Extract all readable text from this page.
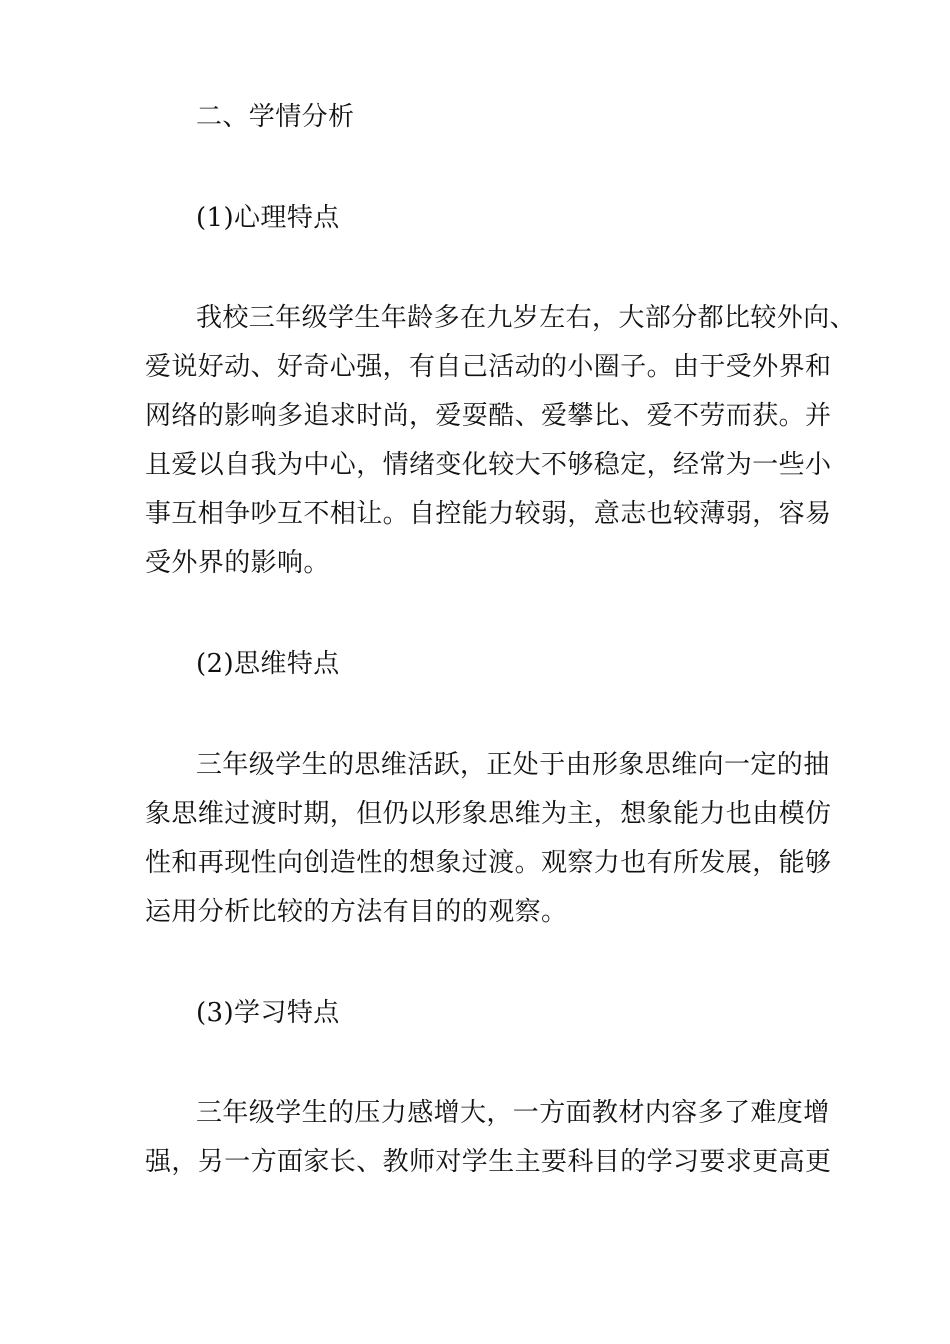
二、学情分析
(1)心理特点
我校三年级学生年龄多在九岁左右，大部分都比较外向、
爱说好动、好奇心强，有自己活动的小圈子。由于受外界和
网络的影响多追求时尚，爱耍酷、爱攀比、爱不劳而获。并
且爱以自我为中心，情绪变化较大不够稳定，经常为一些小
事互相争吵互不相让。自控能力较弱，意志也较薄弱，容易
受外界的影响。
(2)思维特点
三年级学生的思维活跃，正处于由形象思维向一定的抽
象思维过渡时期，但仍以形象思维为主，想象能力也由模仿
性和再现性向创造性的想象过渡。观察力也有所发展，能够
运用分析比较的方法有目的的观察。
(3)学习特点
三年级学生的压力感增大，一方面教材内容多了难度增
强，另一方面家长、教师对学生主要科目的学习要求更高更
